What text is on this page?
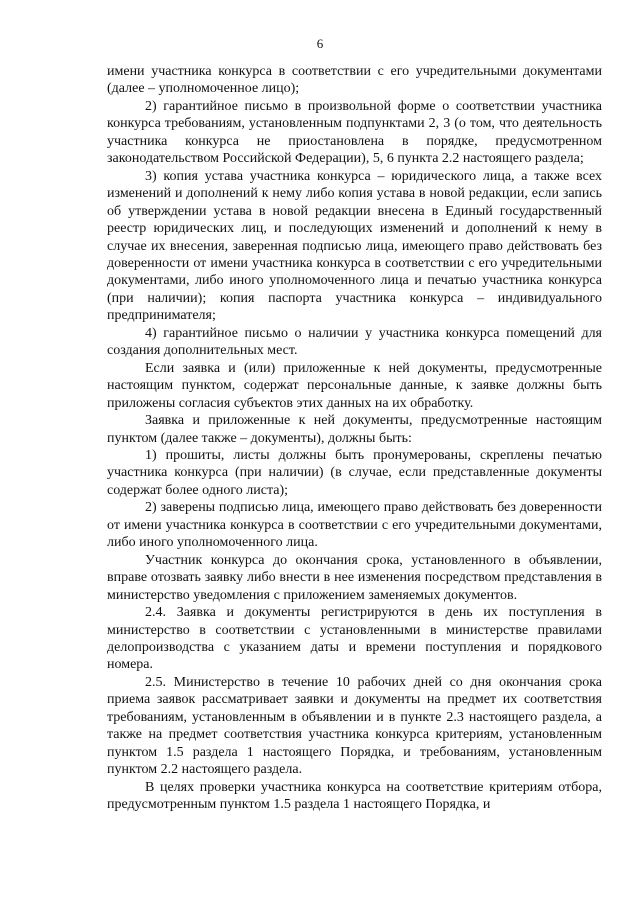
6

имени участника конкурса в соответствии с его учредительными документами (далее – уполномоченное лицо);

2) гарантийное письмо в произвольной форме о соответствии участника конкурса требованиям, установленным подпунктами 2, 3 (о том, что деятельность участника конкурса не приостановлена в порядке, предусмотренном законодательством Российской Федерации), 5, 6 пункта 2.2 настоящего раздела;

3) копия устава участника конкурса – юридического лица, а также всех изменений и дополнений к нему либо копия устава в новой редакции, если запись об утверждении устава в новой редакции внесена в Единый государственный реестр юридических лиц, и последующих изменений и дополнений к нему в случае их внесения, заверенная подписью лица, имеющего право действовать без доверенности от имени участника конкурса в соответствии с его учредительными документами, либо иного уполномоченного лица и печатью участника конкурса (при наличии); копия паспорта участника конкурса – индивидуального предпринимателя;

4) гарантийное письмо о наличии у участника конкурса помещений для создания дополнительных мест.

Если заявка и (или) приложенные к ней документы, предусмотренные настоящим пунктом, содержат персональные данные, к заявке должны быть приложены согласия субъектов этих данных на их обработку.

Заявка и приложенные к ней документы, предусмотренные настоящим пунктом (далее также – документы), должны быть:

1) прошиты, листы должны быть пронумерованы, скреплены печатью участника конкурса (при наличии) (в случае, если представленные документы содержат более одного листа);

2) заверены подписью лица, имеющего право действовать без доверенности от имени участника конкурса в соответствии с его учредительными документами, либо иного уполномоченного лица.

Участник конкурса до окончания срока, установленного в объявлении, вправе отозвать заявку либо внести в нее изменения посредством представления в министерство уведомления с приложением заменяемых документов.

2.4. Заявка и документы регистрируются в день их поступления в министерство в соответствии с установленными в министерстве правилами делопроизводства с указанием даты и времени поступления и порядкового номера.

2.5. Министерство в течение 10 рабочих дней со дня окончания срока приема заявок рассматривает заявки и документы на предмет их соответствия требованиям, установленным в объявлении и в пункте 2.3 настоящего раздела, а также на предмет соответствия участника конкурса критериям, установленным пунктом 1.5 раздела 1 настоящего Порядка, и требованиям, установленным пунктом 2.2 настоящего раздела.

В целях проверки участника конкурса на соответствие критериям отбора, предусмотренным пунктом 1.5 раздела 1 настоящего Порядка, и
